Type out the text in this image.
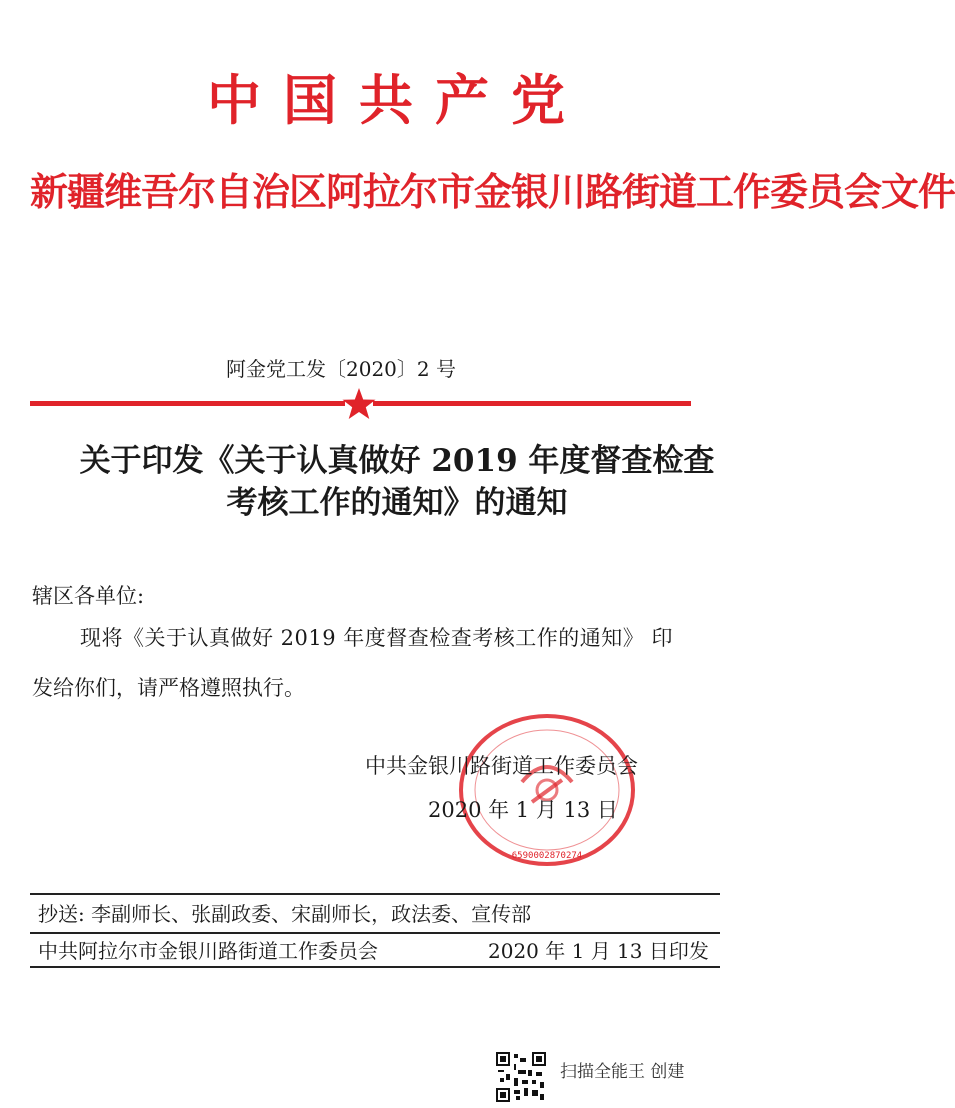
中国共产党
新疆维吾尔自治区阿拉尔市金银川路街道工作委员会文件
阿金党工发〔2020〕2 号
关于印发《关于认真做好 2019 年度督查检查
考核工作的通知》的通知
辖区各单位:
现将《关于认真做好 2019 年度督查检查考核工作的通知》 印
发给你们，请严格遵照执行。
6590002870274
中共金银川路街道工作委员会
2020 年 1 月 13 日
抄送: 李副师长、张副政委、宋副师长，政法委、宣传部
中共阿拉尔市金银川路街道工作委员会	2020 年 1 月 13 日印发
扫描全能王 创建
